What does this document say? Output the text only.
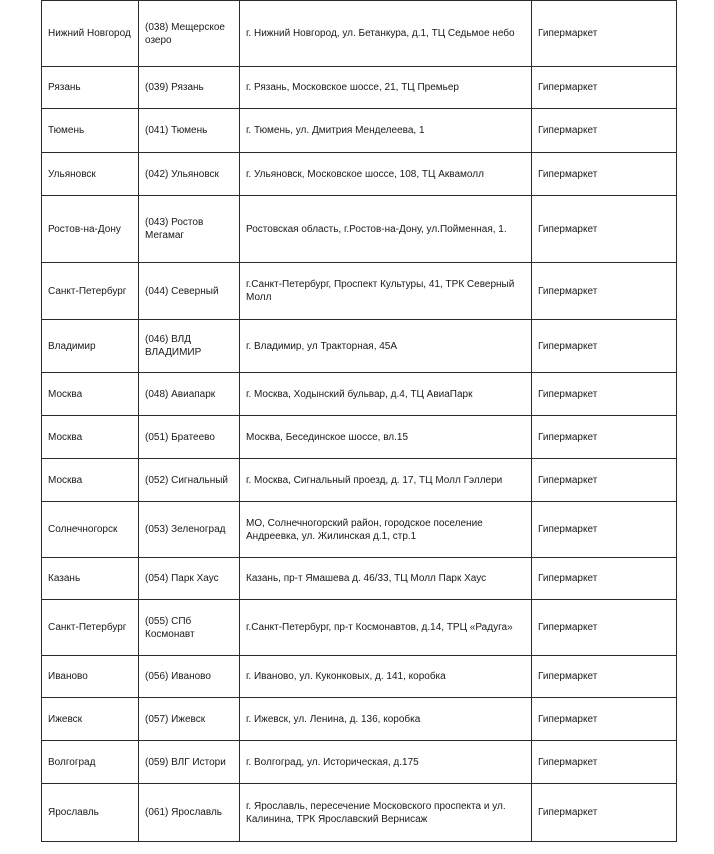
Нижний Новгород	(038) Мещерское озеро	г. Нижний Новгород, ул. Бетанкура, д.1, ТЦ Седьмое небо	Гипермаркет
Рязань	(039) Рязань	г. Рязань, Московское шоссе, 21, ТЦ Премьер	Гипермаркет
Тюмень	(041) Тюмень	г. Тюмень, ул. Дмитрия Менделеева, 1	Гипермаркет
Ульяновск	(042) Ульяновск	г. Ульяновск, Московское шоссе, 108, ТЦ Аквамолл	Гипермаркет
Ростов-на-Дону	(043) Ростов Мегамаг	Ростовская область, г.Ростов-на-Дону, ул.Пойменная, 1.	Гипермаркет
Санкт-Петербург	(044) Северный	г.Санкт-Петербург, Проспект Культуры, 41, ТРК Северный Молл	Гипермаркет
Владимир	(046) ВЛД ВЛАДИМИР	г. Владимир, ул Тракторная, 45А	Гипермаркет
Москва	(048) Авиапарк	г. Москва, Ходынский бульвар, д.4, ТЦ АвиаПарк	Гипермаркет
Москва	(051) Братеево	Москва, Бесединское шоссе, вл.15	Гипермаркет
Москва	(052) Сигнальный	г. Москва, Сигнальный проезд, д. 17, ТЦ Молл Гэллери	Гипермаркет
Солнечногорск	(053) Зеленоград	МО, Солнечногорский район, городское поселение Андреевка, ул. Жилинская д.1, стр.1	Гипермаркет
Казань	(054) Парк Хаус	Казань, пр-т Ямашева д. 46/33, ТЦ Молл Парк Хаус	Гипермаркет
Санкт-Петербург	(055) СПб Космонавт	г.Санкт-Петербург, пр-т Космонавтов, д.14, ТРЦ «Радуга»	Гипермаркет
Иваново	(056) Иваново	г. Иваново, ул. Куконковых, д. 141, коробка	Гипермаркет
Ижевск	(057) Ижевск	г. Ижевск, ул. Ленина, д. 136, коробка	Гипермаркет
Волгоград	(059) ВЛГ Истори	г. Волгоград, ул. Историческая, д.175	Гипермаркет
Ярославль	(061) Ярославль	г. Ярославль, пересечение Московского проспекта и ул. Калинина, ТРК Ярославский Вернисаж	Гипермаркет
